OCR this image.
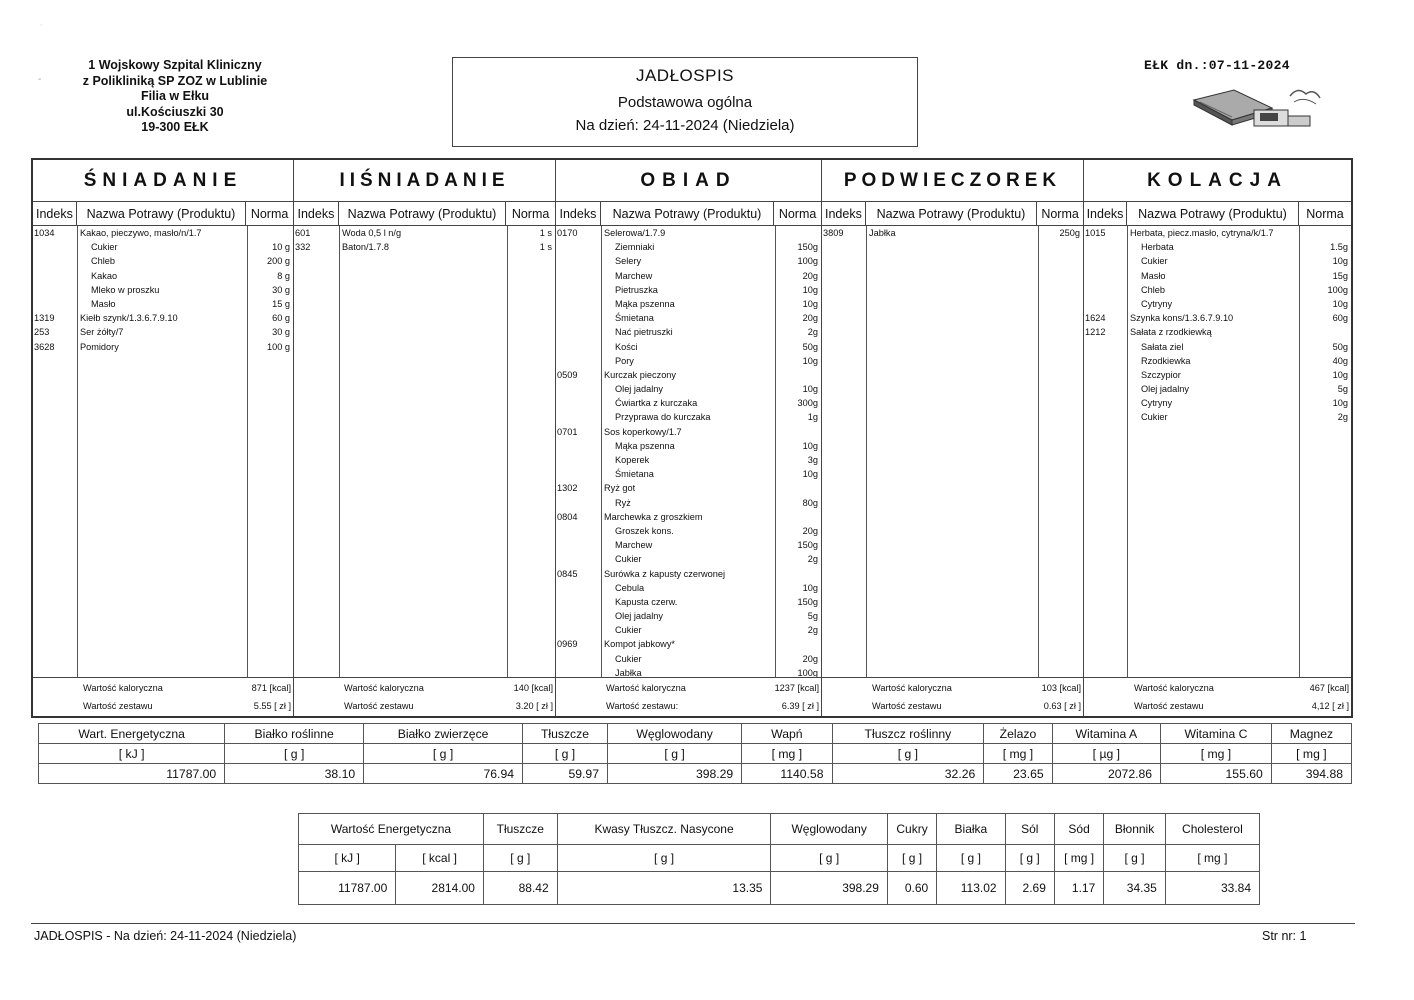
∙
-
1 Wojskowy Szpital Kliniczny
z Polikliniką SP ZOZ w Lublinie
Filia w Ełku
ul.Kościuszki 30
19-300 EŁK
JADŁOSPIS
Podstawowa ogólna
Na dzień: 24-11-2024 (Niedziela)
EŁK dn.:07-11-2024
ŚNIADANIE
Indeks	Nazwa Potrawy (Produktu)	Norma
1034	Kakao, pieczywo, masło/n/1.7
Cukier	10 g
Chleb	200 g
Kakao	8 g
Mleko w proszku	30 g
Masło	15 g
1319	Kiełb szynk/1.3.6.7.9.10	60 g
253	Ser żółty/7	30 g
3628	Pomidory	100 g
Wartość kaloryczna	871 [kcal]
Wartość zestawu	5.55 [ zł ]
IIŚNIADANIE
Indeks	Nazwa Potrawy (Produktu)	Norma
601	Woda 0,5 l n/g	1 s
332	Baton/1.7.8	1 s
Wartość kaloryczna	140 [kcal]
Wartość zestawu	3.20 [ zł ]
OBIAD
Indeks	Nazwa Potrawy (Produktu)	Norma
0170	Selerowa/1.7.9
Ziemniaki	150g
Selery	100g
Marchew	20g
Pietruszka	10g
Mąka pszenna	10g
Śmietana	20g
Nać pietruszki	2g
Kości	50g
Pory	10g
0509	Kurczak pieczony
Olej jadalny	10g
Ćwiartka z kurczaka	300g
Przyprawa do kurczaka	1g
0701	Sos koperkowy/1.7
Mąka pszenna	10g
Koperek	3g
Śmietana	10g
1302	Ryż got
Ryż	80g
0804	Marchewka z groszkiem
Groszek kons.	20g
Marchew	150g
Cukier	2g
0845	Surówka z kapusty czerwonej
Cebula	10g
Kapusta czerw.	150g
Olej jadalny	5g
Cukier	2g
0969	Kompot jabkowy*
Cukier	20g
Jabłka	100g
Wartość kaloryczna	1237 [kcal]
Wartość zestawu:	6.39 [ zł ]
PODWIECZOREK
Indeks	Nazwa Potrawy (Produktu)	Norma
3809	Jabłka	250g
Wartość kaloryczna	103 [kcal]
Wartość zestawu	0.63 [ zł ]
KOLACJA
Indeks	Nazwa Potrawy (Produktu)	Norma
1015	Herbata, piecz.masło, cytryna/k/1.7
Herbata	1.5g
Cukier	10g
Masło	15g
Chleb	100g
Cytryny	10g
1624	Szynka kons/1.3.6.7.9.10	60g
1212	Sałata z rzodkiewką
Sałata ziel	50g
Rzodkiewka	40g
Szczypior	10g
Olej jadalny	5g
Cytryny	10g
Cukier	2g
Wartość kaloryczna	467 [kcal]
Wartość zestawu	4,12 [ zł ]
Wart. Energetyczna	Białko roślinne	Białko zwierzęce	Tłuszcze	Węglowodany	Wapń	Tłuszcz roślinny	Żelazo	Witamina A	Witamina C	Magnez
[ kJ ]	[ g ]	[ g ]	[ g ]	[ g ]	[ mg ]	[ g ]	[ mg ]	[ µg ]	[ mg ]	[ mg ]
11787.00	38.10	76.94	59.97	398.29	1140.58	32.26	23.65	2072.86	155.60	394.88
Wartość Energetyczna		Tłuszcze	Kwasy Tłuszcz. Nasycone	Węglowodany	Cukry	Białka	Sól	Sód	Błonnik	Cholesterol
[ kJ ]	[ kcal ]	[ g ]	[ g ]	[ g ]	[ g ]	[ g ]	[ g ]	[ mg ]	[ g ]	[ mg ]
11787.00	2814.00	88.42	13.35	398.29	0.60	113.02	2.69	1.17	34.35	33.84
JADŁOSPIS - Na dzień: 24-11-2024 (Niedziela)	Str nr: 1
